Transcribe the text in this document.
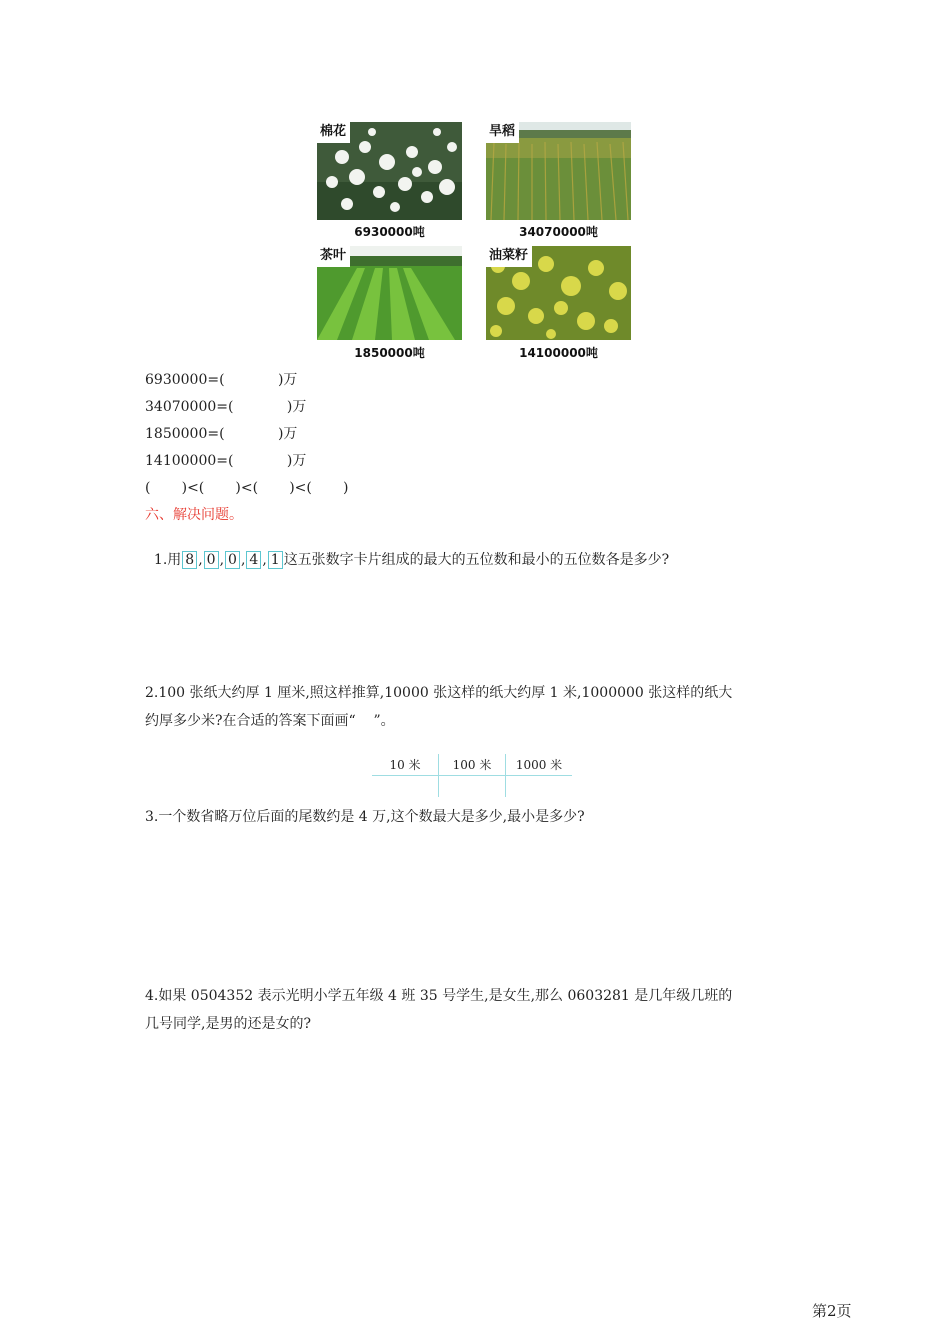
棉花
6930000吨
旱稻
34070000吨
茶叶
1850000吨
油菜籽
14100000吨
6930000=(            )万
34070000=(            )万
1850000=(            )万
14100000=(            )万
(       )<(       )<(       )<(       )
六、解决问题。

1.用 8 , 0 , 0 , 4 , 1 这五张数字卡片组成的最大的五位数和最小的五位数各是多少?

2.100 张纸大约厚 1 厘米,照这样推算,10000 张这样的纸大约厚 1 米,1000000 张这样的纸大
约厚多少米?在合适的答案下面画“    ”。
10 米	100 米	1000 米

3.一个数省略万位后面的尾数约是 4 万,这个数最大是多少,最小是多少?
4.如果 0504352 表示光明小学五年级 4 班 35 号学生,是女生,那么 0603281 是几年级几班的
几号同学,是男的还是女的?
第2页
